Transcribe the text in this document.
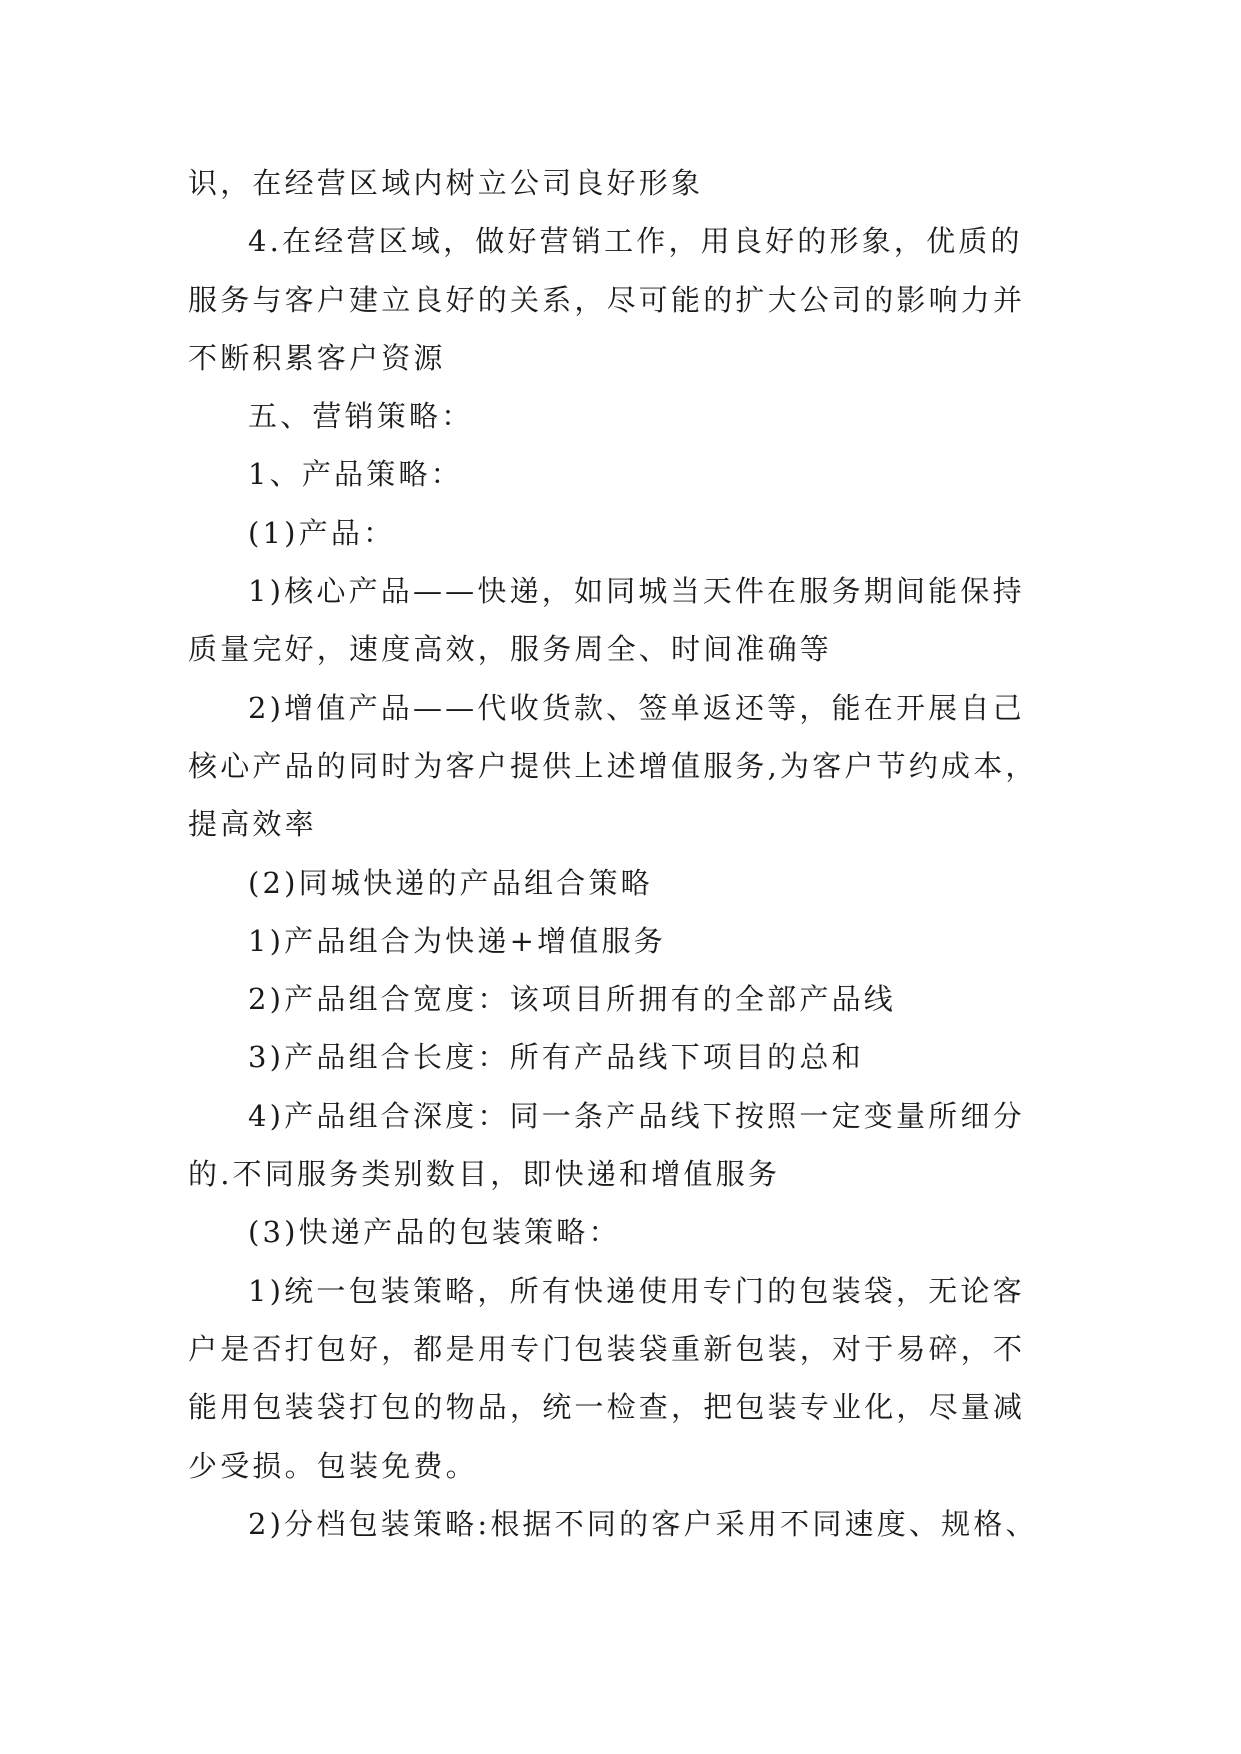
识，在经营区域内树立公司良好形象
4.在经营区域，做好营销工作，用良好的形象，优质的
服务与客户建立良好的关系，尽可能的扩大公司的影响力并
不断积累客户资源
五、营销策略：
1、产品策略：
(1)产品：
1)核心产品——快递，如同城当天件在服务期间能保持
质量完好，速度高效，服务周全、时间准确等
2)增值产品——代收货款、签单返还等，能在开展自己
核心产品的同时为客户提供上述增值服务,为客户节约成本，
提高效率
(2)同城快递的产品组合策略
1)产品组合为快递+增值服务
2)产品组合宽度：该项目所拥有的全部产品线
3)产品组合长度：所有产品线下项目的总和
4)产品组合深度：同一条产品线下按照一定变量所细分
的.不同服务类别数目，即快递和增值服务
(3)快递产品的包装策略：
1)统一包装策略，所有快递使用专门的包装袋，无论客
户是否打包好，都是用专门包装袋重新包装，对于易碎，不
能用包装袋打包的物品，统一检查，把包装专业化，尽量减
少受损。包装免费。
2)分档包装策略:根据不同的客户采用不同速度、规格、
